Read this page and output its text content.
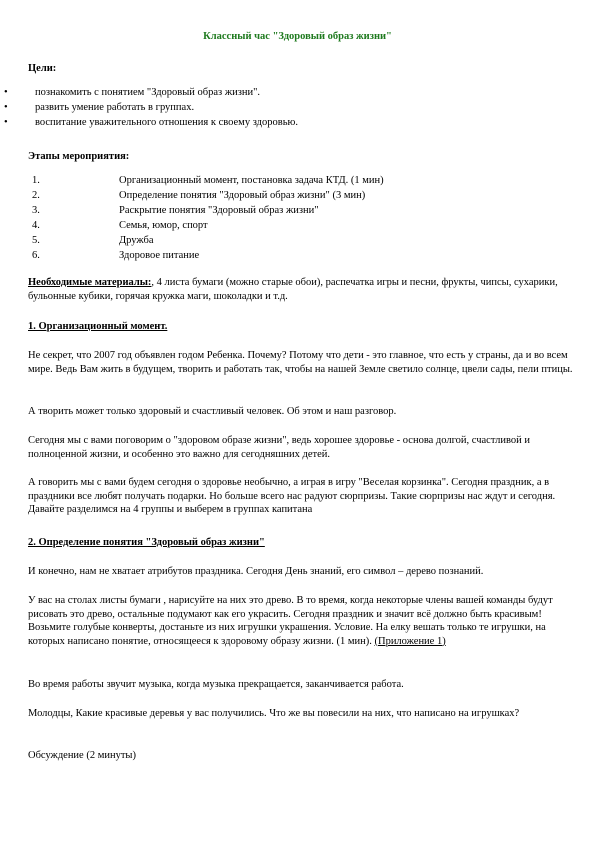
Классный час "Здоровый образ жизни"
Цели:
•	познакомить с понятием "Здоровый образ жизни".
•	развить умение работать в группах.
•	воспитание уважительного отношения к своему здоровью.
Этапы мероприятия:
1.	Организационный момент, постановка задача КТД. (1 мин)
2.	Определение понятия "Здоровый образ жизни" (3 мин)
3.	Раскрытие понятия "Здоровый образ жизни"
4.	Семья, юмор, спорт
5.	Дружба
6.	Здоровое питание

Необходимые материалы:, 4 листа бумаги (можно старые обои), распечатка игры и песни, фрукты, чипсы, сухарики, бульонные кубики, горячая кружка маги, шоколадки и т.д.

1. Организационный момент.

Не секрет, что 2007 год объявлен годом Ребенка. Почему? Потому что дети - это главное, что есть у страны, да и во всем мире. Ведь Вам жить в будущем, творить и работать так, чтобы на нашей Земле светило солнце, цвели сады, пели птицы.

А творить может только здоровый и счастливый человек. Об этом и наш разговор.

Сегодня мы с вами поговорим о "здоровом образе жизни", ведь хорошее здоровье - основа долгой, счастливой и полноценной жизни, и особенно это важно для сегодняшних детей.

А говорить мы с вами будем сегодня о здоровье необычно, а играя в игру "Веселая корзинка". Сегодня праздник, а в праздники все любят получать подарки. Но больше всего нас радуют сюрпризы. Такие сюрпризы нас ждут и сегодня. Давайте разделимся на 4 группы и выберем в группах капитана

2. Определение понятия "Здоровый образ жизни"

И конечно, нам не хватает атрибутов праздника. Сегодня День знаний, его символ – дерево познаний.

У вас на столах листы бумаги , нарисуйте на них это древо. В то время, когда некоторые члены вашей команды будут рисовать это древо, остальные подумают как его украсить. Сегодня праздник и значит всё должно быть красивым! Возьмите голубые конверты, достаньте из них игрушки украшения. Условие. На елку вешать только те игрушки, на которых написано понятие, относящееся к здоровому образу жизни. (1 мин). (Приложение 1)

Во время работы звучит музыка, когда музыка прекращается, заканчивается работа.

Молодцы, Какие красивые деревья у вас получились. Что же вы повесили на них, что написано на игрушках?

Обсуждение (2 минуты)
